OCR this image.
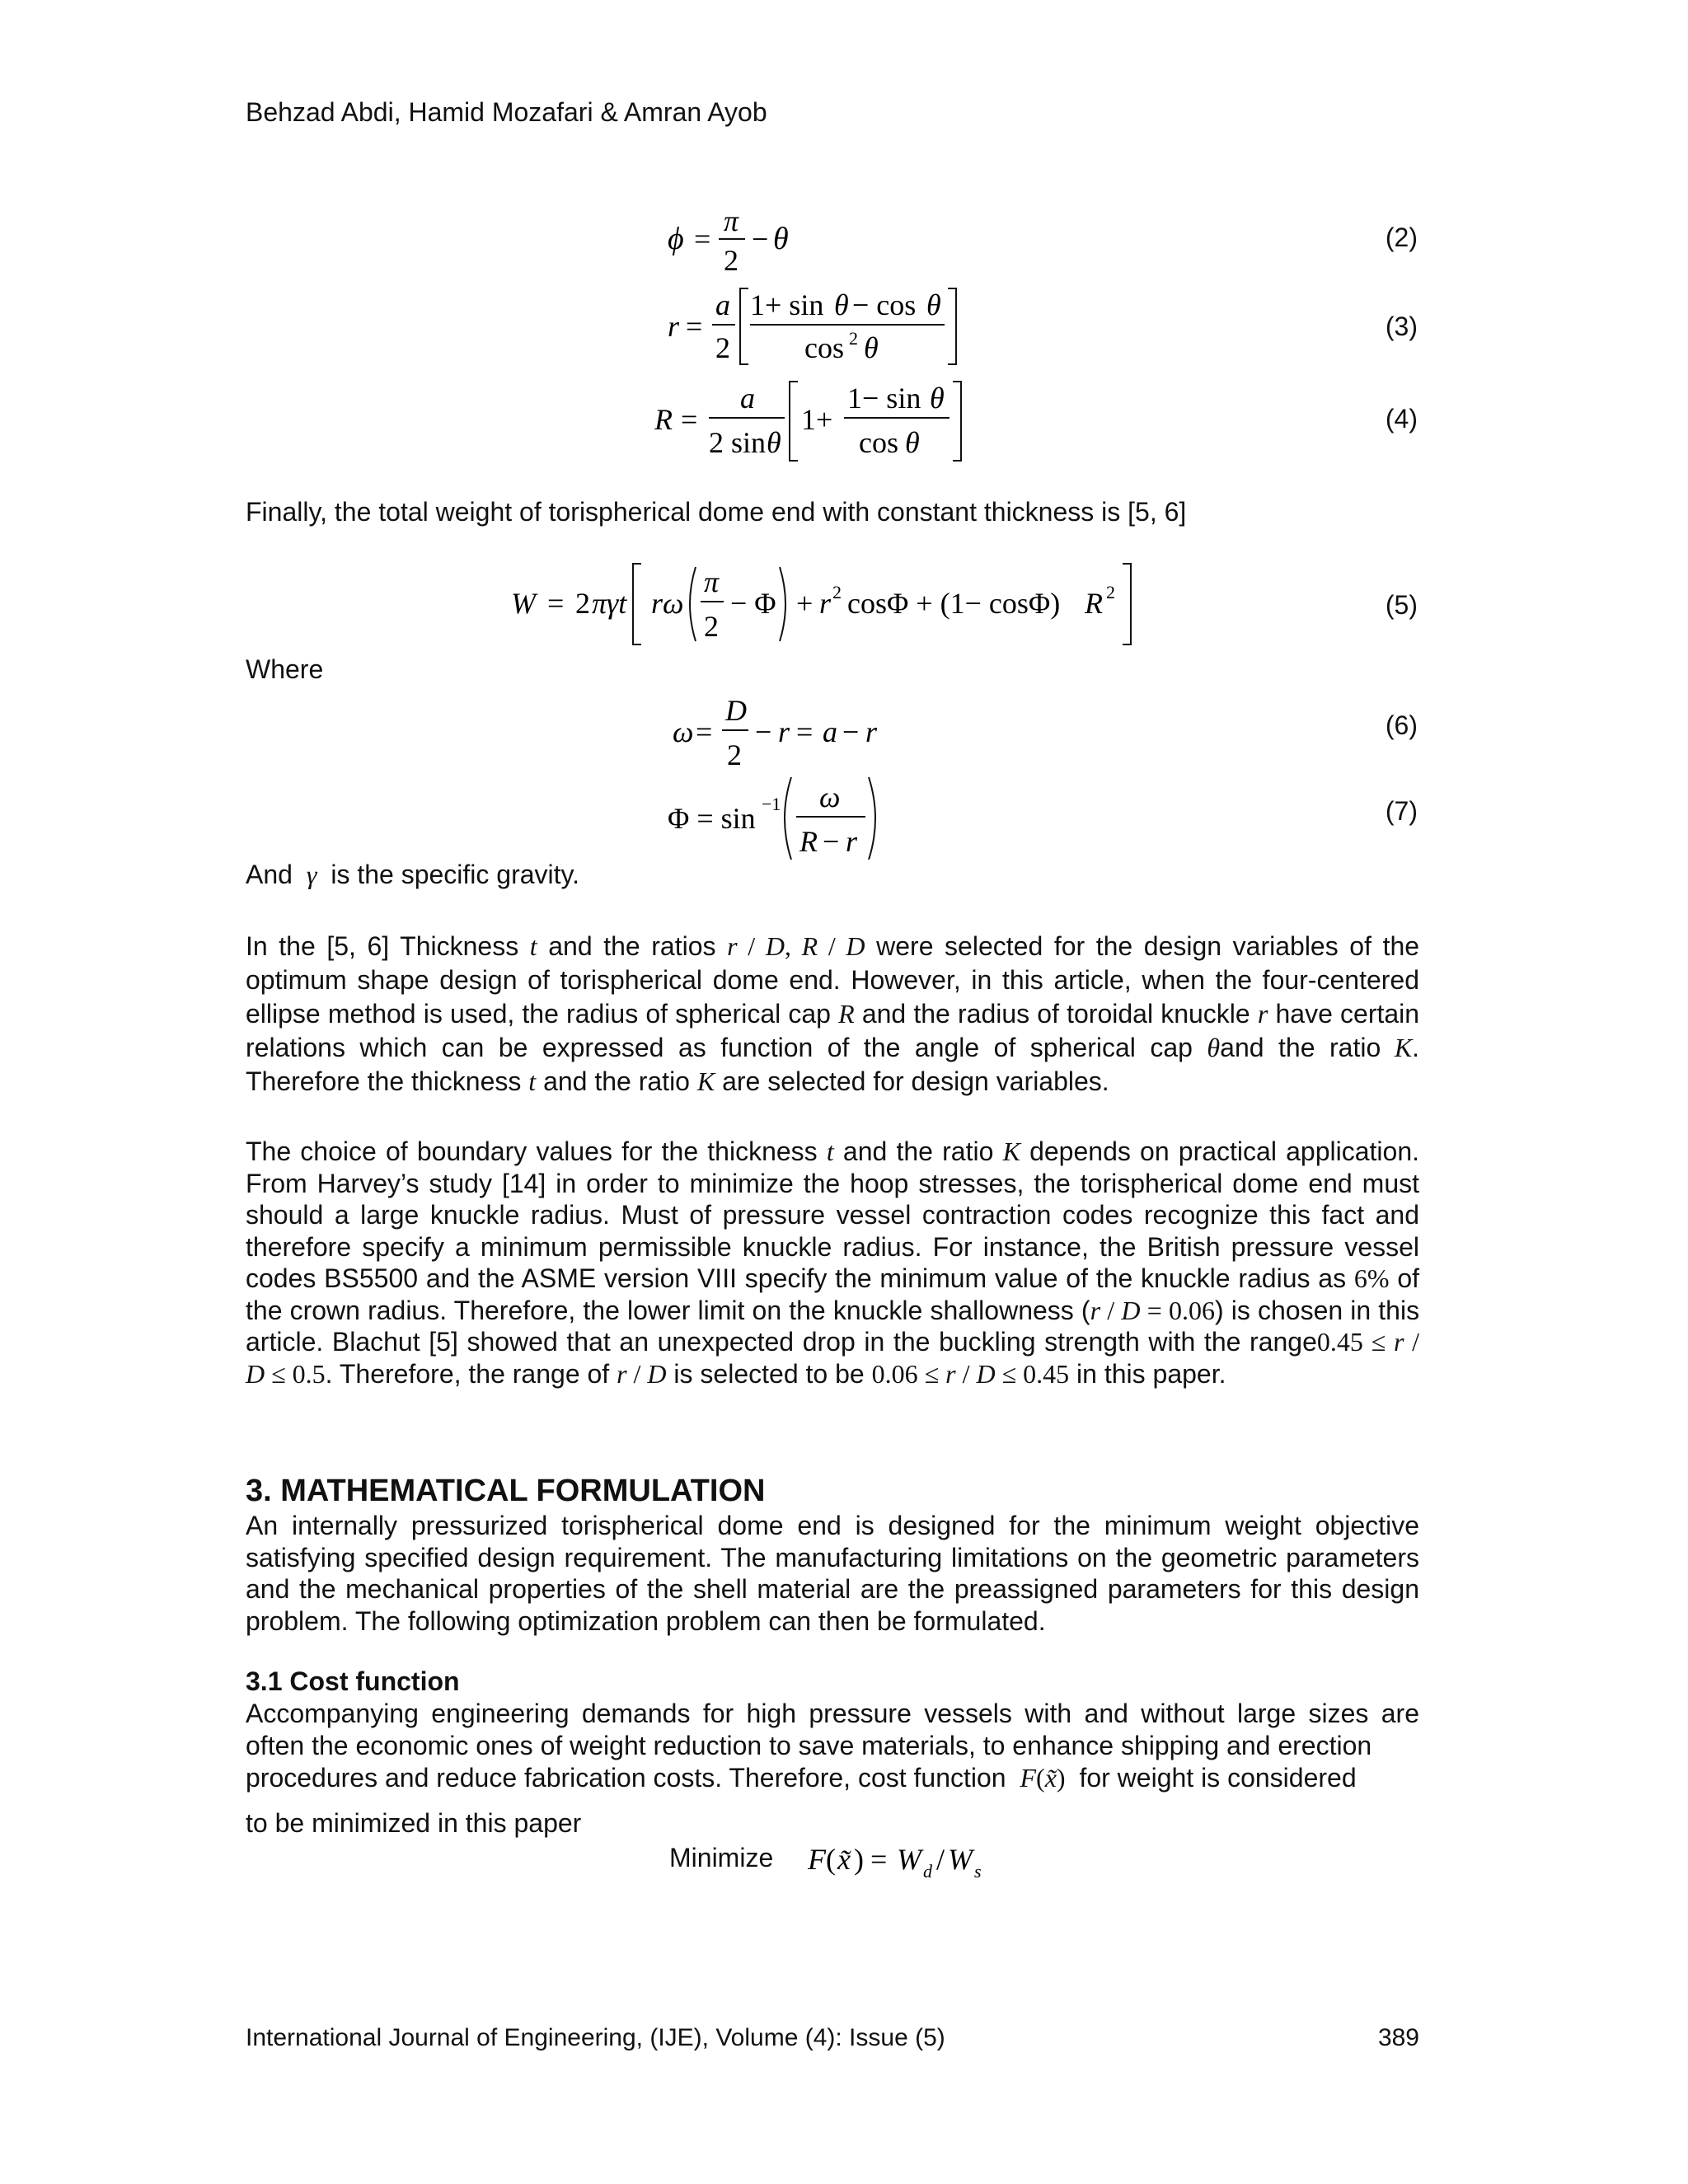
Behzad Abdi, Hamid Mozafari & Amran Ayob
ϕ =
π
2
− θ	(2)
r =
a
2
1+ sin θ − cos θ
cos 2 θ
(3)
R =
a
2 sin θ
1+
1− sin θ
cos θ
(4)
Finally, the total weight of torispherical dome end with constant thickness is [5, 6]
W = 2 πγt rω
π
2
− Φ + r 2 cosΦ + (1− cosΦ) R 2	(5)
Where
ω =
D
2
− r = a − r	(6)
Φ = sin −1 ω
R − r
(7)
And  γ  is the specific gravity.
In the [5, 6] Thickness t and the ratios r / D, R / D were selected for the design variables of the optimum shape design of torispherical dome end. However, in this article, when the four-centered ellipse method is used, the radius of spherical cap R and the radius of toroidal knuckle r have certain relations which can be expressed as function of the angle of spherical cap θand the ratio K. Therefore the thickness t and the ratio K are selected for design variables.
The choice of boundary values for the thickness t and the ratio K depends on practical application. From Harvey’s study [14] in order to minimize the hoop stresses, the torispherical dome end must should a large knuckle radius. Must of pressure vessel contraction codes recognize this fact and therefore specify a minimum permissible knuckle radius. For instance, the British pressure vessel codes BS5500 and the ASME version VIII specify the minimum value of the knuckle radius as 6% of the crown radius. Therefore, the lower limit on the knuckle shallowness (r / D = 0.06) is chosen in this article. Blachut [5] showed that an unexpected drop in the buckling strength with the range0.45 ≤ r / D ≤ 0.5. Therefore, the range of r / D is selected to be 0.06 ≤ r / D ≤ 0.45 in this paper.
3. MATHEMATICAL FORMULATION
An internally pressurized torispherical dome end is designed for the minimum weight objective satisfying specified design requirement. The manufacturing limitations on the geometric parameters and the mechanical properties of the shell material are the preassigned parameters for this design problem. The following optimization problem can then be formulated.
3.1 Cost function
Accompanying engineering demands for high pressure vessels with and without large sizes are often the economic ones of weight reduction to save materials, to enhance shipping and erection
procedures and reduce fabrication costs. Therefore, cost function  F(x̃) for weight is considered
to be minimized in this paper
Minimize F ( x̃ ) = W d / W s
International Journal of Engineering, (IJE), Volume (4): Issue (5)	389
